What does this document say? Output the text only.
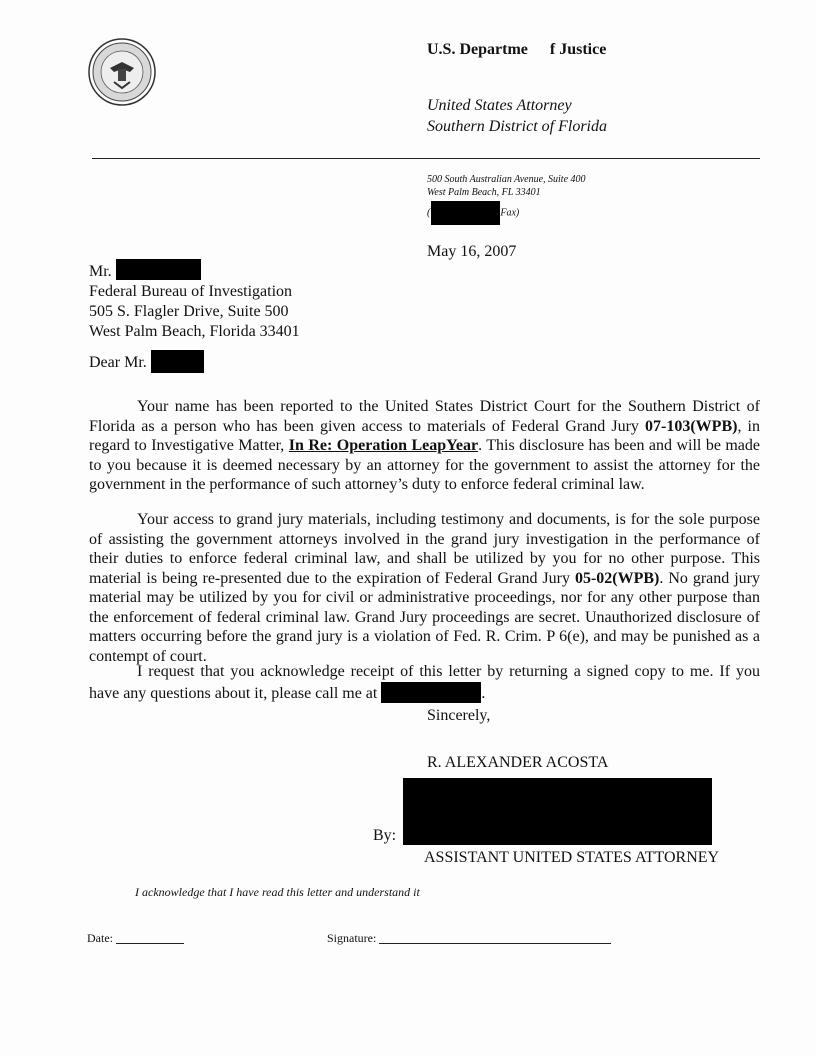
U.S. Departme f Justice
United States Attorney
Southern District of Florida
500 South Australian Avenue, Suite 400
West Palm Beach, FL 33401
(	Fax)
May 16, 2007
Mr.
Federal Bureau of Investigation
505 S. Flagler Drive, Suite 500
West Palm Beach, Florida 33401
Dear Mr.

Your name has been reported to the United States District Court for the Southern District of Florida as a person who has been given access to materials of Federal Grand Jury 07-103(WPB), in regard to Investigative Matter, In Re: Operation LeapYear. This disclosure has been and will be made to you because it is deemed necessary by an attorney for the government to assist the attorney for the government in the performance of such attorney’s duty to enforce federal criminal law.

Your access to grand jury materials, including testimony and documents, is for the sole purpose of assisting the government attorneys involved in the grand jury investigation in the performance of their duties to enforce federal criminal law, and shall be utilized by you for no other purpose. This material is being re-presented due to the expiration of Federal Grand Jury 05-02(WPB). No grand jury material may be utilized by you for civil or administrative proceedings, nor for any other purpose than the enforcement of federal criminal law. Grand Jury proceedings are secret. Unauthorized disclosure of matters occurring before the grand jury is a violation of Fed. R. Crim. P 6(e), and may be punished as a contempt of court.

I request that you acknowledge receipt of this letter by returning a signed copy to me. If you have any questions about it, please call me at	.

Sincerely,
R. ALEXANDER ACOSTA
By:
ASSISTANT UNITED STATES ATTORNEY
I acknowledge that I have read this letter and understand it
Date:	Signature:
